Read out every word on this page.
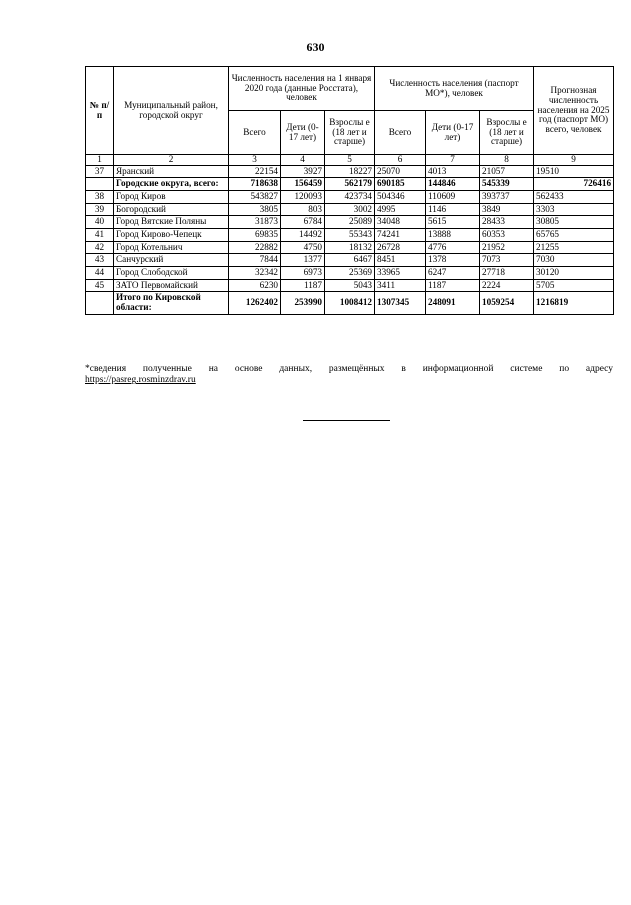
630
№ п/п	Муниципальный район, городской округ	Численность населения на 1 января 2020 года (данные Росстата), человек			Численность населения (паспорт МО*), человек			Прогнозная численность населения на 2025 год (паспорт МО) всего, человек
		Всего	Дети (0-17 лет)	Взрослы е (18 лет и старше)	Всего	Дети (0-17 лет)	Взрослы е (18 лет и старше)	
1	2	3	4	5	6	7	8	9
37	Яранский	22154	3927	18227	25070	4013	21057	19510
	Городские округа, всего:	718638	156459	562179	690185	144846	545339	726416
38	Город Киров	543827	120093	423734	504346	110609	393737	562433
39	Богородский	3805	803	3002	4995	1146	3849	3303
40	Город Вятские Поляны	31873	6784	25089	34048	5615	28433	30805
41	Город Кирово-Чепецк	69835	14492	55343	74241	13888	60353	65765
42	Город Котельнич	22882	4750	18132	26728	4776	21952	21255
43	Санчурский	7844	1377	6467	8451	1378	7073	7030
44	Город Слободской	32342	6973	25369	33965	6247	27718	30120
45	ЗАТО Первомайский	6230	1187	5043	3411	1187	2224	5705
	Итого по Кировской области:	1262402	253990	1008412	1307345	248091	1059254	1216819
*сведения полученные на основе данных, размещённых в информационной системе по адресу
https://pasreg.rosminzdrav.ru
